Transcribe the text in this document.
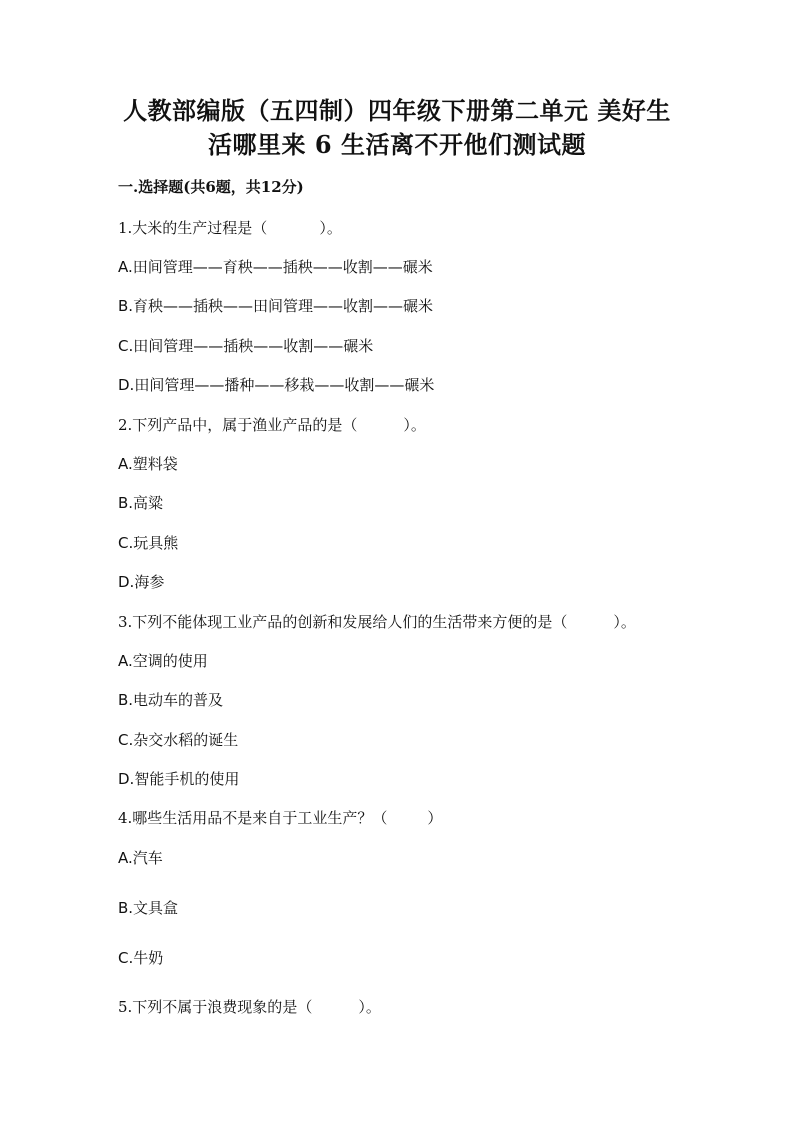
人教部编版（五四制）四年级下册第二单元 美好生
活哪里来 6 生活离不开他们测试题
一.选择题(共6题，共12分)
1.大米的生产过程是（	）。
A.田间管理——育秧——插秧——收割——碾米
B.育秧——插秧——田间管理——收割——碾米
C.田间管理——插秧——收割——碾米
D.田间管理——播种——移栽——收割——碾米
2.下列产品中，属于渔业产品的是（	）。
A.塑料袋
B.高粱
C.玩具熊
D.海参
3.下列不能体现工业产品的创新和发展给人们的生活带来方便的是（	）。
A.空调的使用
B.电动车的普及
C.杂交水稻的诞生
D.智能手机的使用
4.哪些生活用品不是来自于工业生产？（	）
A.汽车
B.文具盒
C.牛奶
5.下列不属于浪费现象的是（	）。
